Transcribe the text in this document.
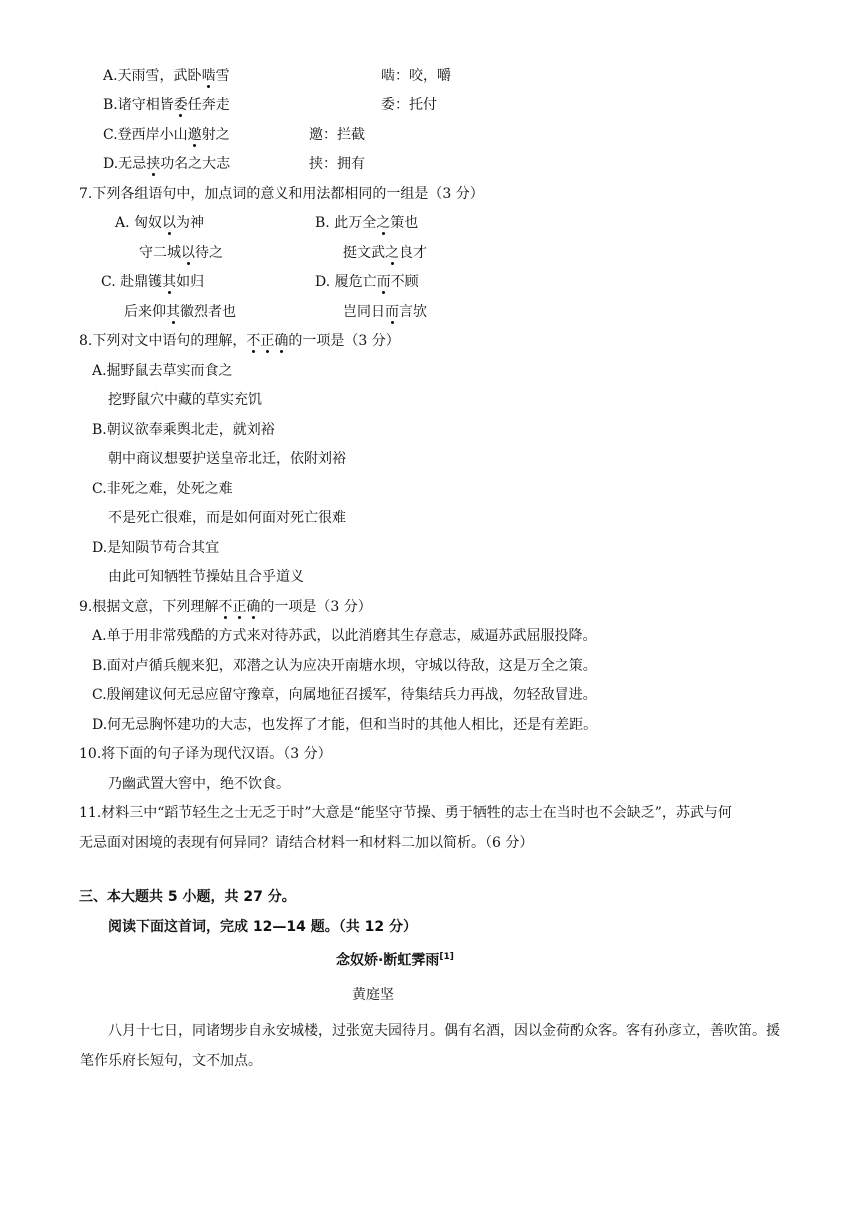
A.天雨雪，武卧啮雪	啮：咬，嚼
B.诸守相皆委任奔走	委：托付
C.登西岸小山邀射之	邀：拦截
D.无忌挟功名之大志	挟：拥有
7.下列各组语句中，加点词的意义和用法都相同的一组是（3 分）
A. 匈奴以为神	B. 此万全之策也
守二城以待之	挺文武之良才
C. 赴鼎镬其如归	D. 履危亡而不顾
后来仰其徽烈者也	岂同日而言欤
8.下列对文中语句的理解，不正确的一项是（3 分）
A.掘野鼠去草实而食之
挖野鼠穴中藏的草实充饥
B.朝议欲奉乘舆北走，就刘裕
朝中商议想要护送皇帝北迁，依附刘裕
C.非死之难，处死之难
不是死亡很难，而是如何面对死亡很难
D.是知陨节苟合其宜
由此可知牺牲节操姑且合乎道义
9.根据文意，下列理解不正确的一项是（3 分）
A.单于用非常残酷的方式来对待苏武，以此消磨其生存意志，威逼苏武屈服投降。
B.面对卢循兵舰来犯，邓潜之认为应决开南塘水坝，守城以待敌，这是万全之策。
C.殷阐建议何无忌应留守豫章，向属地征召援军，待集结兵力再战，勿轻敌冒进。
D.何无忌胸怀建功的大志，也发挥了才能，但和当时的其他人相比，还是有差距。
10.将下面的句子译为现代汉语。（3 分）
乃幽武置大窖中，绝不饮食。
11.材料三中“蹈节轻生之士无乏于时”大意是“能坚守节操、勇于牺牲的志士在当时也不会缺乏”，苏武与何
无忌面对困境的表现有何异同？请结合材料一和材料二加以简析。（6 分）
三、本大题共 5 小题，共 27 分。
阅读下面这首词，完成 12—14 题。（共 12 分）
念奴娇·断虹霁雨[1]
黄庭坚
八月十七日，同诸甥步自永安城楼，过张宽夫园待月。偶有名酒，因以金荷酌众客。客有孙彦立，善吹笛。援笔作乐府长短句，文不加点。
